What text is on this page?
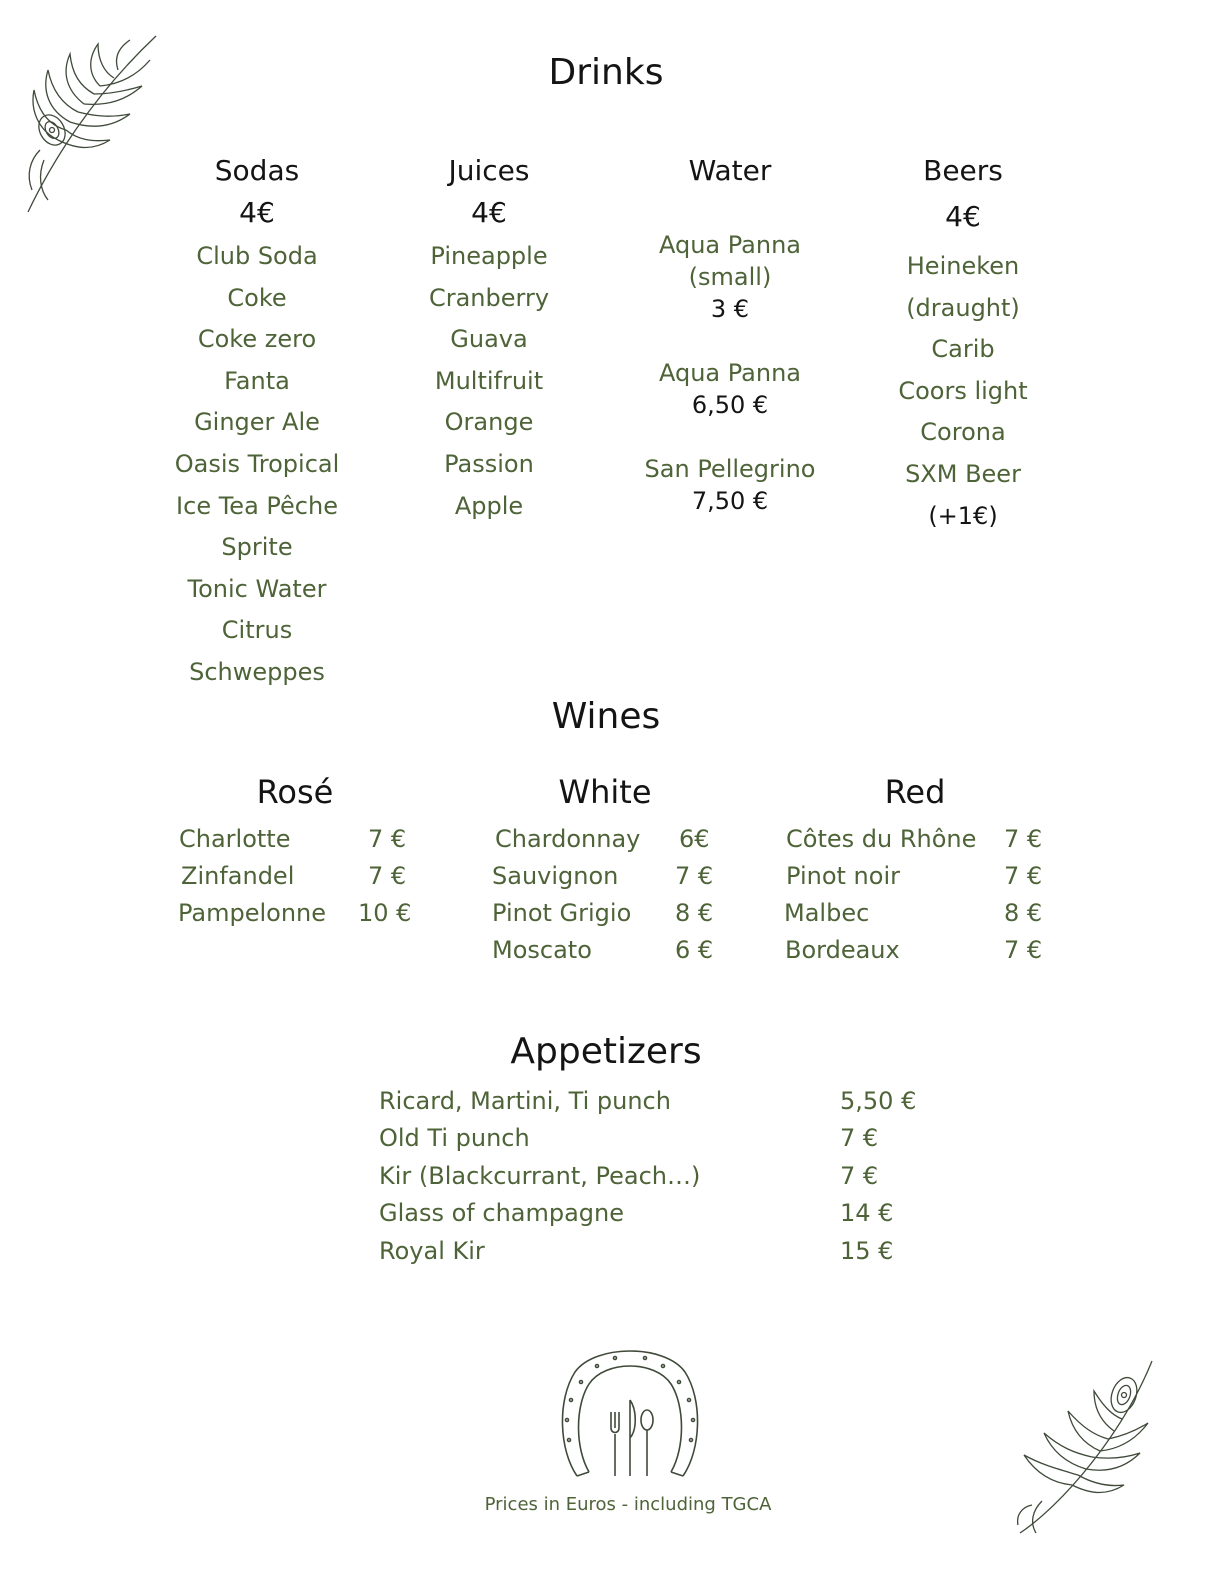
Drinks
Sodas
4€
Club Soda
Coke
Coke zero
Fanta
Ginger Ale
Oasis Tropical
Ice Tea Pêche
Sprite
Tonic Water
Citrus
Schweppes
Juices
4€
Pineapple
Cranberry
Guava
Multifruit
Orange
Passion
Apple
Water
Aqua Panna
(small)
3 €
Aqua Panna
6,50 €
San Pellegrino
7,50 €
Beers
4€
Heineken
(draught)
Carib
Coors light
Corona
SXM Beer
(+1€)
Wines
Rosé
Charlotte	7 €
Zinfandel	7 €
Pampelonne 10 €
White
Chardonnay 6€
Sauvignon 7 €
Pinot Grigio 8 €
Moscato	6 €
Red
Côtes du Rhône 7 €
Pinot noir	7 €
Malbec	8 €
Bordeaux	7 €
Appetizers
Ricard, Martini, Ti punch	5,50 €
Old Ti punch	7 €
Kir (Blackcurrant, Peach…)	7 €
Glass of champagne	14 €
Royal Kir	15 €
Prices in Euros - including TGCA
